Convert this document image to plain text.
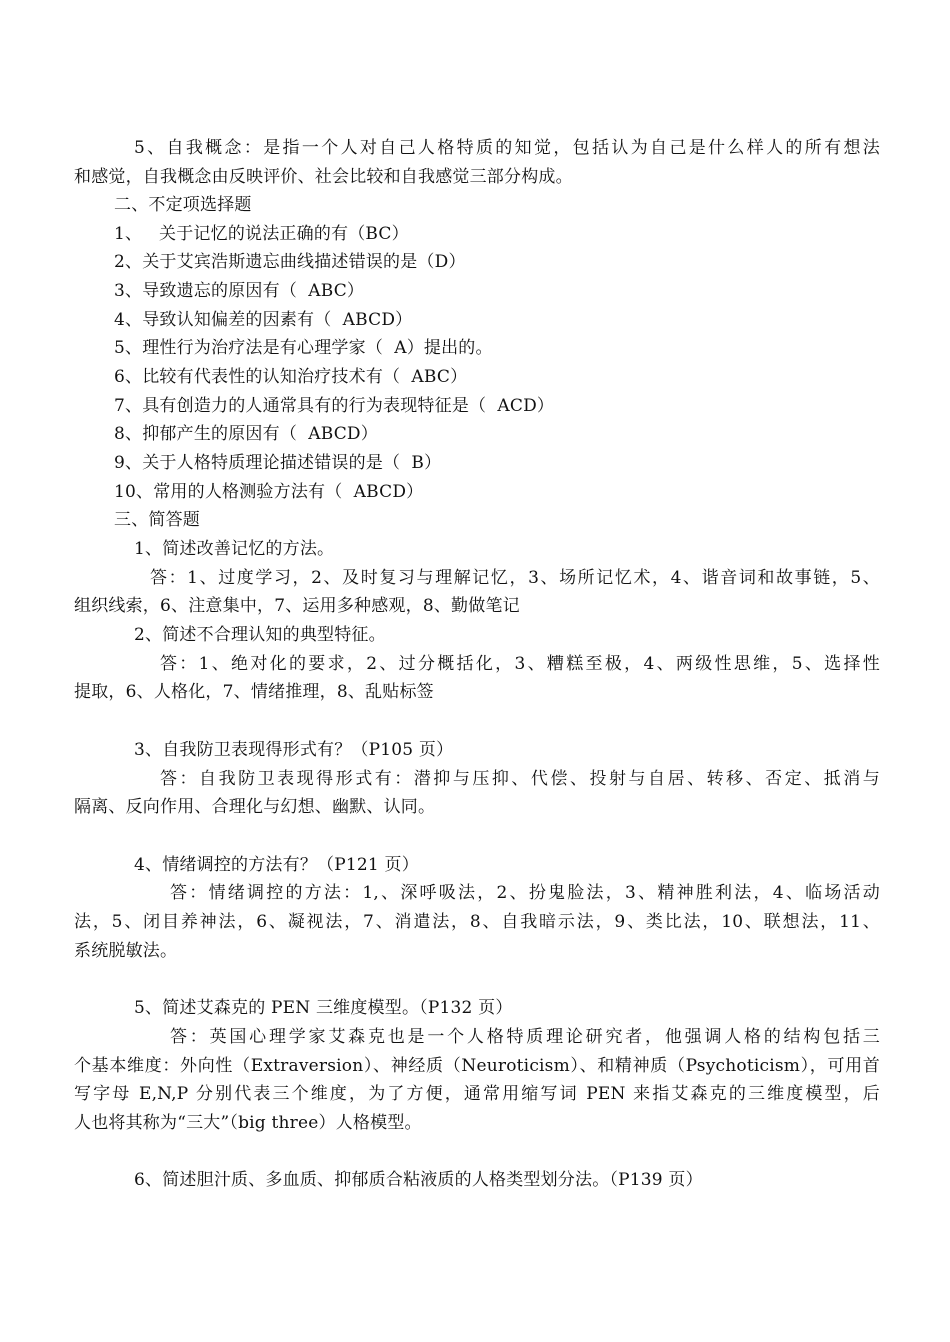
5、自我概念：是指一个人对自己人格特质的知觉，包括认为自己是什么样人的所有想法
和感觉，自我概念由反映评价、社会比较和自我感觉三部分构成。
二、不定项选择题
1、   关于记忆的说法正确的有（BC）
2、关于艾宾浩斯遗忘曲线描述错误的是（D）
3、导致遗忘的原因有（  ABC）
4、导致认知偏差的因素有（  ABCD）
5、理性行为治疗法是有心理学家（  A）提出的。
6、比较有代表性的认知治疗技术有（  ABC）
7、具有创造力的人通常具有的行为表现特征是（  ACD）
8、抑郁产生的原因有（  ABCD）
9、关于人格特质理论描述错误的是（  B）
10、常用的人格测验方法有（  ABCD）
三、简答题
1、简述改善记忆的方法。
答：1、过度学习，2、及时复习与理解记忆，3、场所记忆术，4、谐音词和故事链，5、
组织线索，6、注意集中，7、运用多种感观，8、勤做笔记
2、简述不合理认知的典型特征。
答：1、绝对化的要求，2、过分概括化，3、糟糕至极，4、两级性思维，5、选择性
提取，6、人格化，7、情绪推理，8、乱贴标签
3、自我防卫表现得形式有？（P105 页）
答：自我防卫表现得形式有：潜抑与压抑、代偿、投射与自居、转移、否定、抵消与
隔离、反向作用、合理化与幻想、幽默、认同。
4、情绪调控的方法有？（P121 页）
答：情绪调控的方法：1,、深呼吸法，2、扮鬼脸法，3、精神胜利法，4、临场活动
法，5、闭目养神法，6、凝视法，7、消遣法，8、自我暗示法，9、类比法，10、联想法，11、
系统脱敏法。
5、简述艾森克的 PEN 三维度模型。（P132 页）
答：英国心理学家艾森克也是一个人格特质理论研究者，他强调人格的结构包括三
个基本维度：外向性（Extraversion）、神经质（Neuroticism）、和精神质（Psychoticism），可用首
写字母 E,N,P 分别代表三个维度，为了方便，通常用缩写词 PEN 来指艾森克的三维度模型，后
人也将其称为“三大”（big three）人格模型。
6、简述胆汁质、多血质、抑郁质合粘液质的人格类型划分法。（P139 页）
